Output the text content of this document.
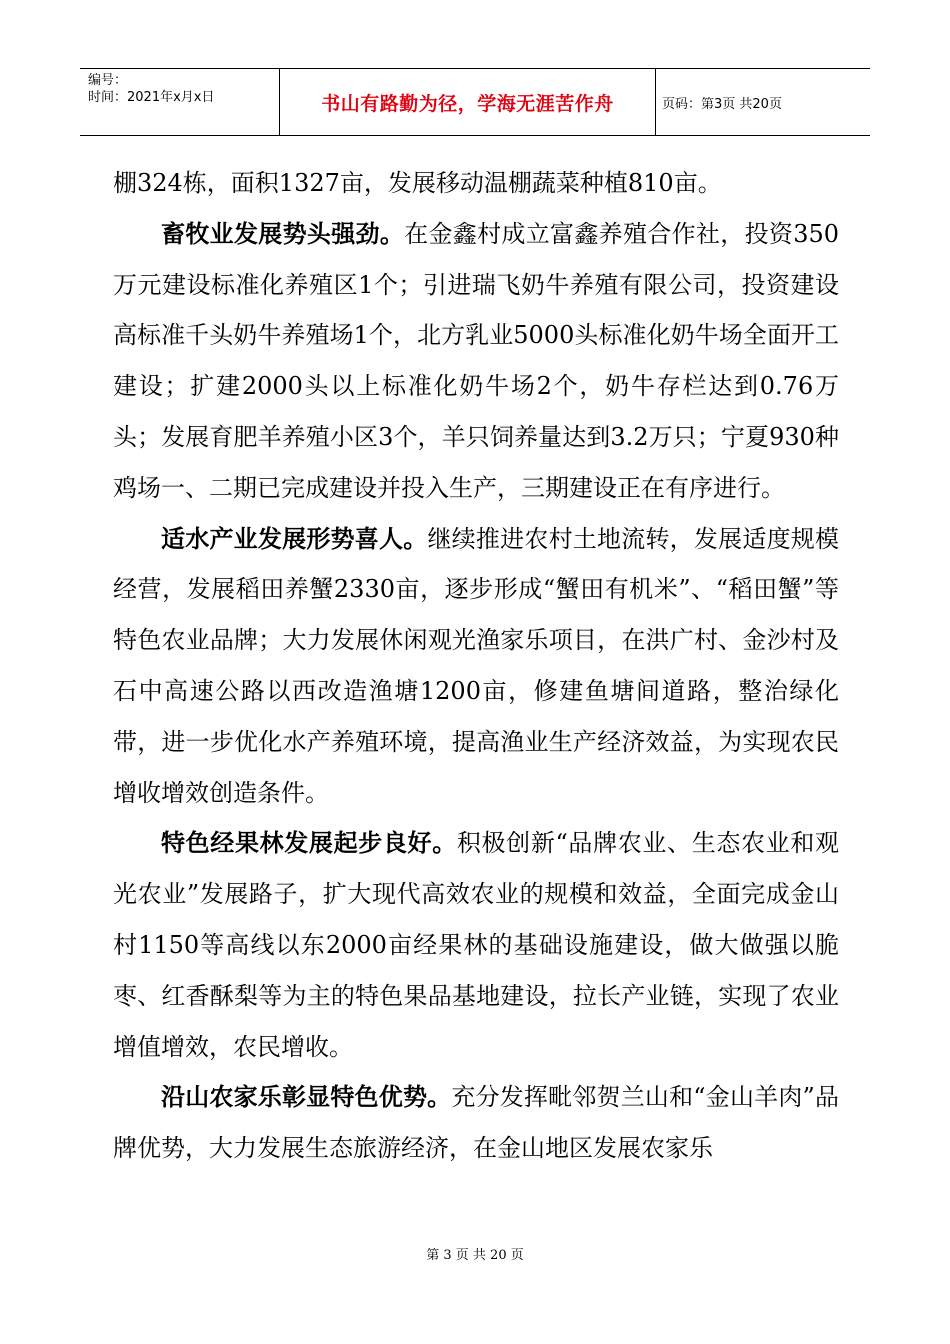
编号：
时间：2021年x月x日	书山有路勤为径，学海无涯苦作舟	页码：第3页 共20页

棚324栋，面积1327亩，发展移动温棚蔬菜种植810亩。

畜牧业发展势头强劲。在金鑫村成立富鑫养殖合作社，投资350万元建设标准化养殖区1个；引进瑞飞奶牛养殖有限公司，投资建设高标准千头奶牛养殖场1个，北方乳业5000头标准化奶牛场全面开工建设；扩建2000头以上标准化奶牛场2个，奶牛存栏达到0.76万头；发展育肥羊养殖小区3个，羊只饲养量达到3.2万只；宁夏930种鸡场一、二期已完成建设并投入生产，三期建设正在有序进行。

适水产业发展形势喜人。继续推进农村土地流转，发展适度规模经营，发展稻田养蟹2330亩，逐步形成“蟹田有机米”、“稻田蟹”等特色农业品牌；大力发展休闲观光渔家乐项目，在洪广村、金沙村及石中高速公路以西改造渔塘1200亩，修建鱼塘间道路，整治绿化带，进一步优化水产养殖环境，提高渔业生产经济效益，为实现农民增收增效创造条件。

特色经果林发展起步良好。积极创新“品牌农业、生态农业和观光农业”发展路子，扩大现代高效农业的规模和效益，全面完成金山村1150等高线以东2000亩经果林的基础设施建设，做大做强以脆枣、红香酥梨等为主的特色果品基地建设，拉长产业链，实现了农业增值增效，农民增收。

沿山农家乐彰显特色优势。充分发挥毗邻贺兰山和“金山羊肉”品牌优势，大力发展生态旅游经济，在金山地区发展农家乐

第 3 页 共 20 页
